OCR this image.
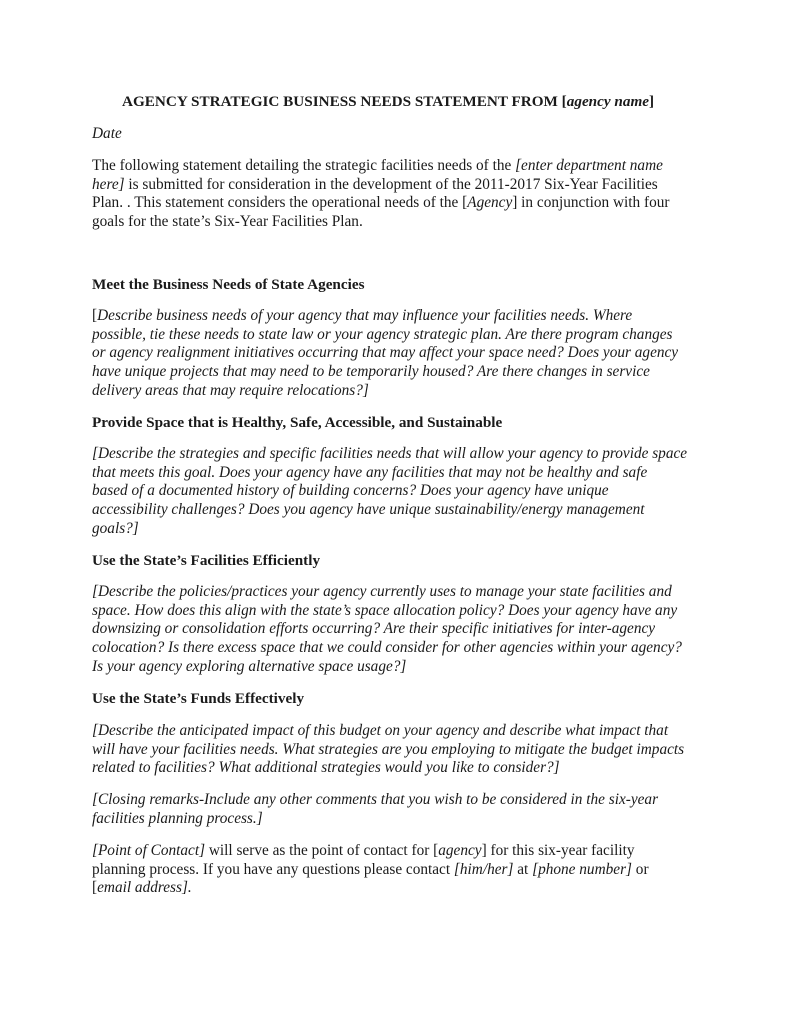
AGENCY STRATEGIC BUSINESS NEEDS STATEMENT FROM [agency name]
Date
The following statement detailing the strategic facilities needs of the [enter department name
here] is submitted for consideration in the development of the 2011-2017 Six-Year Facilities
Plan. . This statement considers the operational needs of the [Agency] in conjunction with four
goals for the state’s Six-Year Facilities Plan.
Meet the Business Needs of State Agencies
[Describe business needs of your agency that may influence your facilities needs. Where
possible, tie these needs to state law or your agency strategic plan. Are there program changes
or agency realignment initiatives occurring that may affect your space need? Does your agency
have unique projects that may need to be temporarily housed? Are there changes in service
delivery areas that may require relocations?]
Provide Space that is Healthy, Safe, Accessible, and Sustainable
[Describe the strategies and specific facilities needs that will allow your agency to provide space
that meets this goal. Does your agency have any facilities that may not be healthy and safe
based of a documented history of building concerns? Does your agency have unique
accessibility challenges? Does you agency have unique sustainability/energy management
goals?]
Use the State’s Facilities Efficiently
[Describe the policies/practices your agency currently uses to manage your state facilities and
space. How does this align with the state’s space allocation policy? Does your agency have any
downsizing or consolidation efforts occurring? Are their specific initiatives for inter-agency
colocation? Is there excess space that we could consider for other agencies within your agency?
Is your agency exploring alternative space usage?]
Use the State’s Funds Effectively
[Describe the anticipated impact of this budget on your agency and describe what impact that
will have your facilities needs. What strategies are you employing to mitigate the budget impacts
related to facilities? What additional strategies would you like to consider?]
[Closing remarks-Include any other comments that you wish to be considered in the six-year
facilities planning process.]
[Point of Contact] will serve as the point of contact for [agency] for this six-year facility
planning process. If you have any questions please contact [him/her] at [phone number] or
[email address].
